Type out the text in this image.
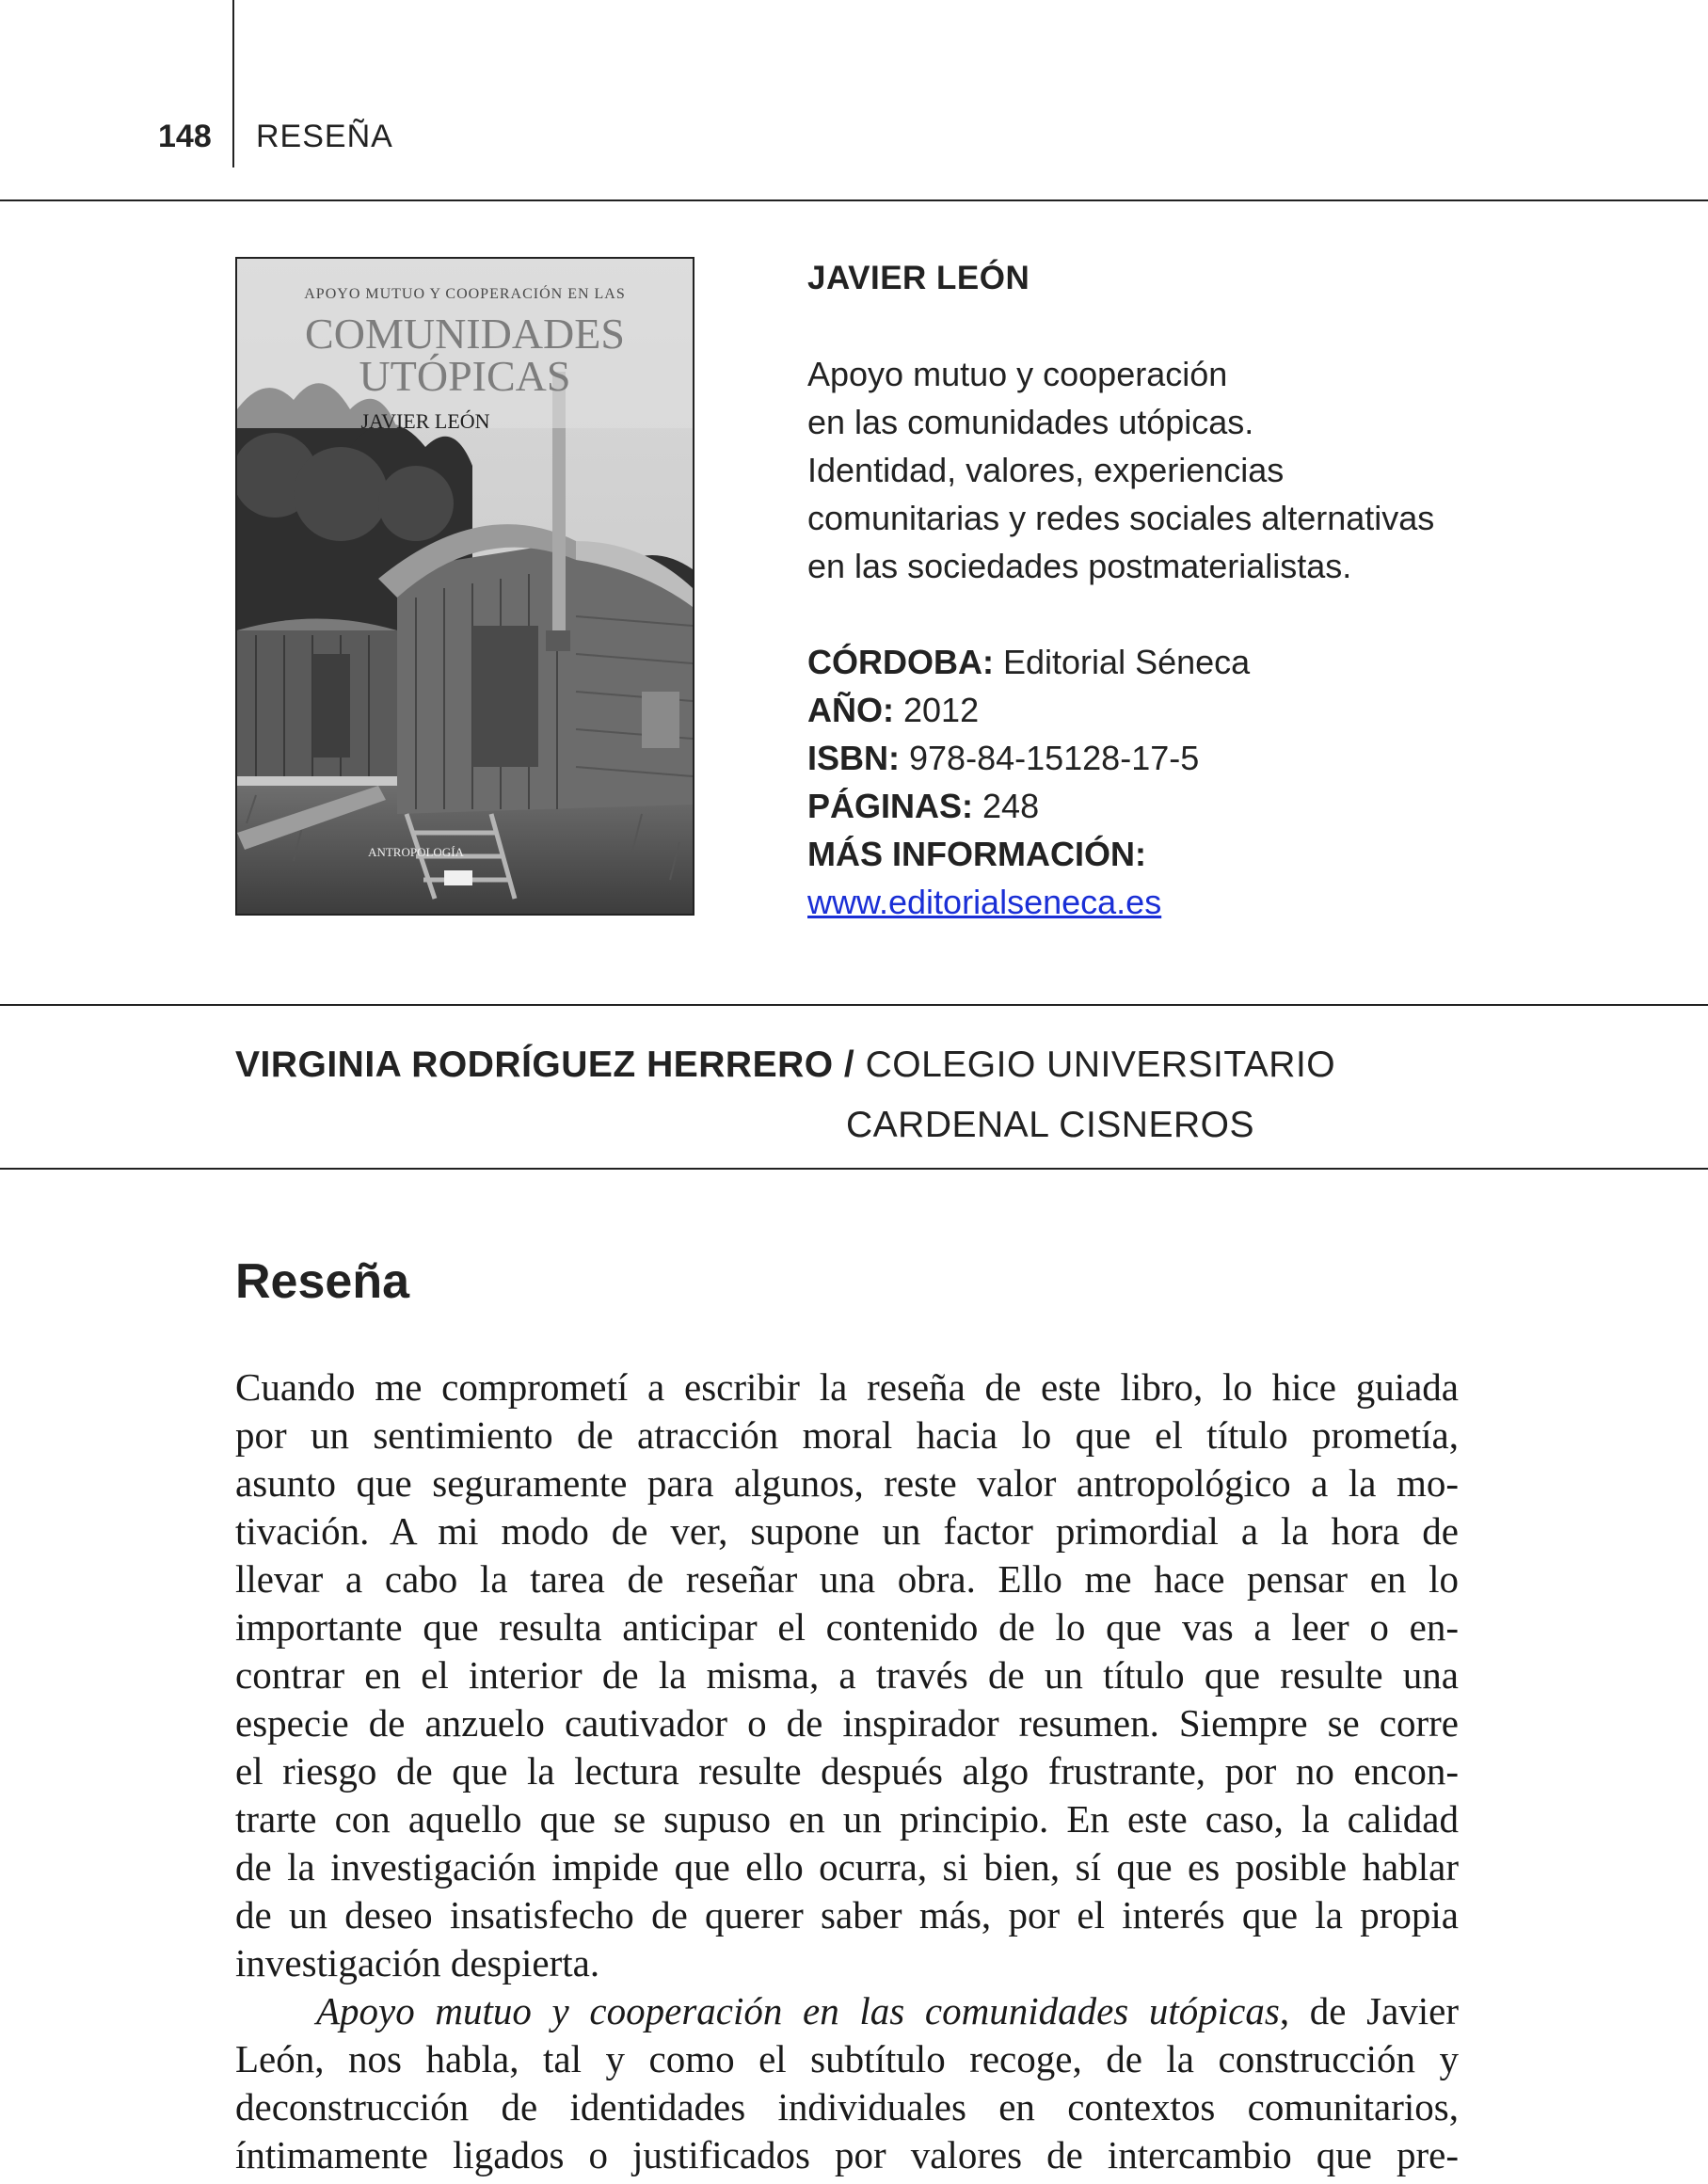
148 RESEÑA
APOYO MUTUO Y COOPERACIÓN EN LAS
COMUNIDADES
UTÓPICAS
JAVIER LEÓN
ANTROPOLOGÍA
JAVIER LEÓN
Apoyo mutuo y cooperación
en las comunidades utópicas.
Identidad, valores, experiencias
comunitarias y redes sociales alternativas
en las sociedades postmaterialistas.
CÓRDOBA: Editorial Séneca
AÑO: 2012
ISBN: 978-84-15128-17-5
PÁGINAS: 248
MÁS INFORMACIÓN:
www.editorialseneca.es
VIRGINIA RODRÍGUEZ HERRERO / COLEGIO UNIVERSITARIO
CARDENAL CISNEROS
Reseña
Cuando me comprometí a escribir la reseña de este libro, lo hice guiada
por un sentimiento de atracción moral hacia lo que el título prometía,
asunto que seguramente para algunos, reste valor antropológico a la mo-
tivación. A mi modo de ver, supone un factor primordial a la hora de
llevar a cabo la tarea de reseñar una obra. Ello me hace pensar en lo
importante que resulta anticipar el contenido de lo que vas a leer o en-
contrar en el interior de la misma, a través de un título que resulte una
especie de anzuelo cautivador o de inspirador resumen. Siempre se corre
el riesgo de que la lectura resulte después algo frustrante, por no encon-
trarte con aquello que se supuso en un principio. En este caso, la calidad
de la investigación impide que ello ocurra, si bien, sí que es posible hablar
de un deseo insatisfecho de querer saber más, por el interés que la propia
investigación despierta.
Apoyo mutuo y cooperación en las comunidades utópicas, de Javier
León, nos habla, tal y como el subtítulo recoge, de la construcción y
deconstrucción de identidades individuales en contextos comunitarios,
íntimamente ligados o justificados por valores de intercambio que pre-
